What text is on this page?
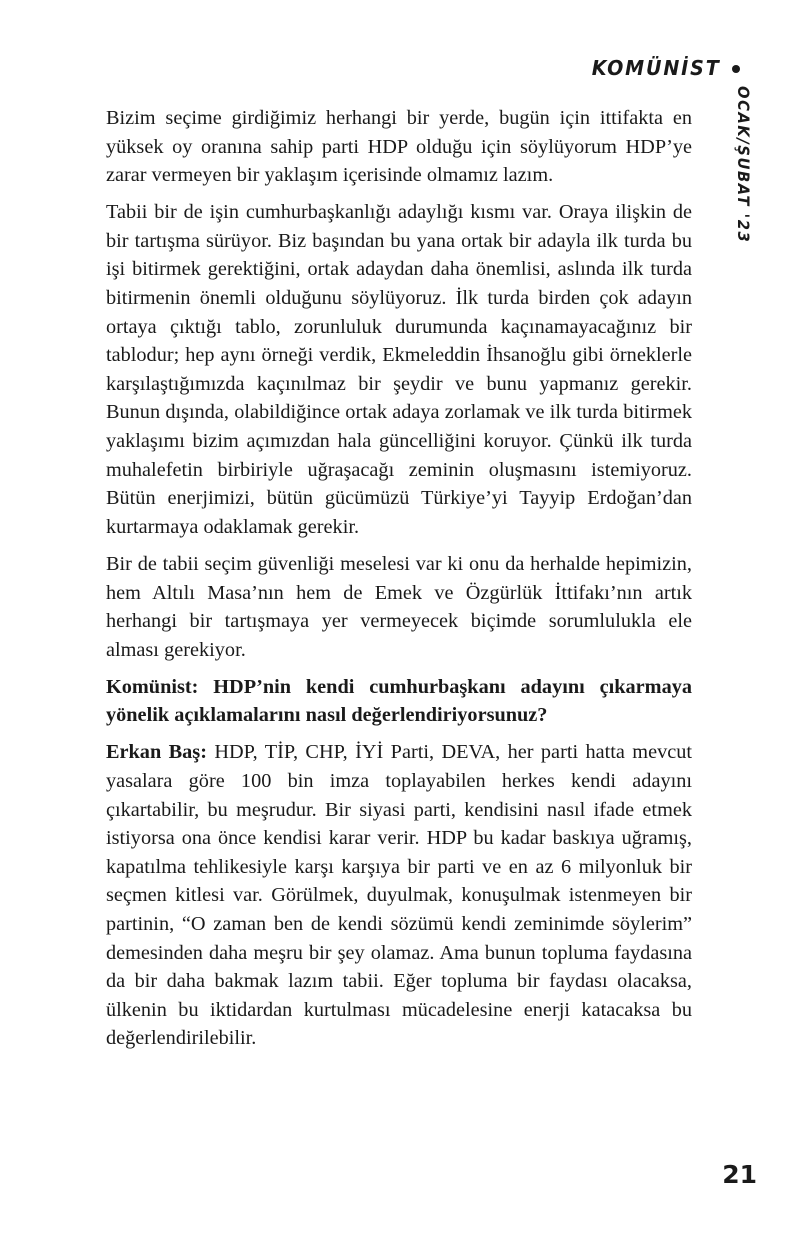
KOMÜNİST
OCAK/ŞUBAT '23

Bizim seçime girdiğimiz herhangi bir yerde, bugün için ittifakta en yüksek oy oranına sahip parti HDP olduğu için söylüyorum HDP’ye zarar vermeyen bir yaklaşım içerisinde olmamız lazım.

Tabii bir de işin cumhurbaşkanlığı adaylığı kısmı var. Oraya ilişkin de bir tartışma sürüyor. Biz başından bu yana ortak bir adayla ilk turda bu işi bitirmek gerektiğini, ortak adaydan daha önemlisi, aslında ilk turda bitirmenin önemli olduğunu söylüyoruz. İlk turda birden çok adayın ortaya çıktığı tablo, zorunluluk durumunda kaçınamayacağınız bir tablodur; hep aynı örneği verdik, Ekmeleddin İhsanoğlu gibi örneklerle karşılaştığımızda kaçınılmaz bir şeydir ve bunu yapmanız gerekir. Bunun dışında, olabildiğince ortak adaya zorlamak ve ilk turda bitirmek yaklaşımı bizim açımızdan hala güncelliğini koruyor. Çünkü ilk turda muhalefetin birbiriyle uğraşacağı zeminin oluşmasını istemiyoruz. Bütün enerjimizi, bütün gücümüzü Türkiye’yi Tayyip Erdoğan’dan kurtarmaya odaklamak gerekir.

Bir de tabii seçim güvenliği meselesi var ki onu da herhalde hepimizin, hem Altılı Masa’nın hem de Emek ve Özgürlük İttifakı’nın artık herhangi bir tartışmaya yer vermeyecek biçimde sorumlulukla ele alması gerekiyor.

Komünist: HDP’nin kendi cumhurbaşkanı adayını çıkarmaya yönelik açıklamalarını nasıl değerlendiriyorsunuz?

Erkan Baş: HDP, TİP, CHP, İYİ Parti, DEVA, her parti hatta mevcut yasalara göre 100 bin imza toplayabilen herkes kendi adayını çıkartabilir, bu meşrudur. Bir siyasi parti, kendisini nasıl ifade etmek istiyorsa ona önce kendisi karar verir. HDP bu kadar baskıya uğramış, kapatılma tehlikesiyle karşı karşıya bir parti ve en az 6 milyonluk bir seçmen kitlesi var. Görülmek, duyulmak, konuşulmak istenmeyen bir partinin, “O zaman ben de kendi sözümü kendi zeminimde söylerim” demesinden daha meşru bir şey olamaz. Ama bunun topluma faydasına da bir daha bakmak lazım tabii. Eğer topluma bir faydası olacaksa, ülkenin bu iktidardan kurtulması mücadelesine enerji katacaksa bu değerlendirilebilir.

21
